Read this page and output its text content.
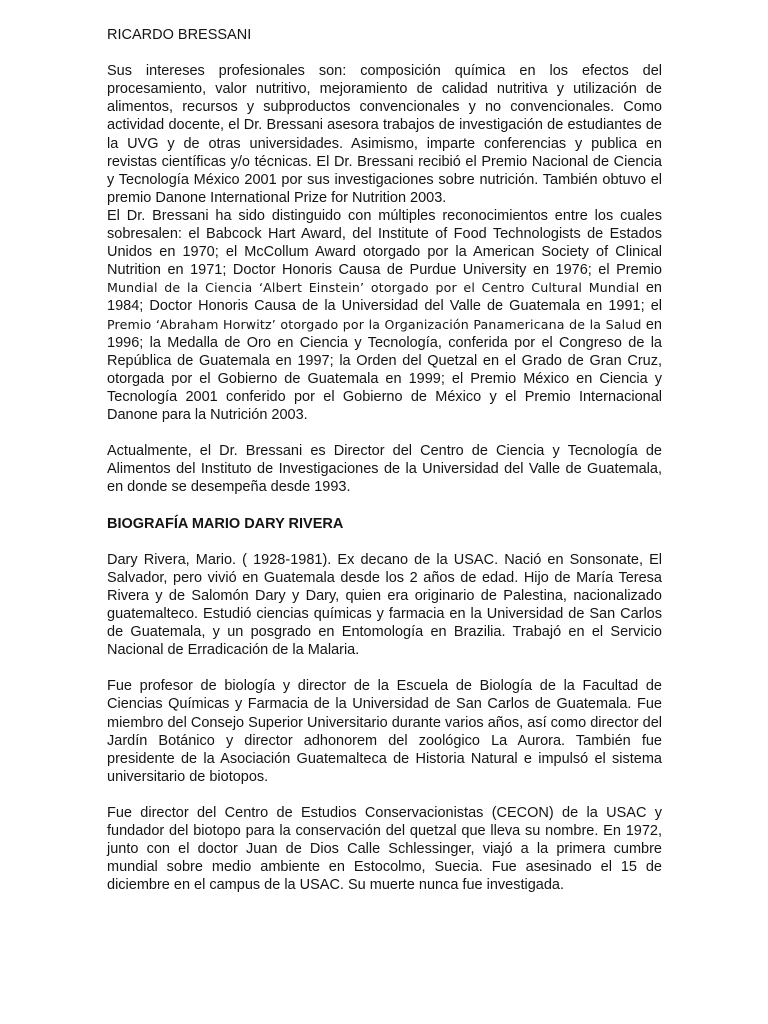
RICARDO BRESSANI

Sus intereses profesionales son: composición química en los efectos del procesamiento, valor nutritivo, mejoramiento de calidad nutritiva y utilización de alimentos, recursos y subproductos convencionales y no convencionales. Como actividad docente, el Dr. Bressani asesora trabajos de investigación de estudiantes de la UVG y de otras universidades. Asimismo, imparte conferencias y publica en revistas científicas y/o técnicas. El Dr. Bressani recibió el Premio Nacional de Ciencia y Tecnología México 2001 por sus investigaciones sobre nutrición. También obtuvo el premio Danone International Prize for Nutrition 2003.

El Dr. Bressani ha sido distinguido con múltiples reconocimientos entre los cuales sobresalen: el Babcock Hart Award, del Institute of Food Technologists de Estados Unidos en 1970; el McCollum Award otorgado por la American Society of Clinical Nutrition en 1971; Doctor Honoris Causa de Purdue University en 1976; el Premio Mundial de la Ciencia ‘Albert Einstein’ otorgado por el Centro Cultural Mundial en 1984; Doctor Honoris Causa de la Universidad del Valle de Guatemala en 1991; el Premio ‘Abraham Horwitz’ otorgado por la Organización Panamericana de la Salud en 1996; la Medalla de Oro en Ciencia y Tecnología, conferida por el Congreso de la República de Guatemala en 1997; la Orden del Quetzal en el Grado de Gran Cruz, otorgada por el Gobierno de Guatemala en 1999; el Premio México en Ciencia y Tecnología 2001 conferido por el Gobierno de México y el Premio Internacional Danone para la Nutrición 2003.

Actualmente, el Dr. Bressani es Director del Centro de Ciencia y Tecnología de Alimentos del Instituto de Investigaciones de la Universidad del Valle de Guatemala, en donde se desempeña desde 1993.

BIOGRAFÍA MARIO DARY RIVERA

Dary Rivera, Mario. ( 1928-1981). Ex decano de la USAC. Nació en Sonsonate, El Salvador, pero vivió en Guatemala desde los 2 años de edad. Hijo de María Teresa Rivera y de Salomón Dary y Dary, quien era originario de Palestina, nacionalizado guatemalteco. Estudió ciencias químicas y farmacia en la Universidad de San Carlos de Guatemala, y un posgrado en Entomología en Brazilia. Trabajó en el Servicio Nacional de Erradicación de la Malaria.

Fue profesor de biología y director de la Escuela de Biología de la Facultad de Ciencias Químicas y Farmacia de la Universidad de San Carlos de Guatemala. Fue miembro del Consejo Superior Universitario durante varios años, así como director del Jardín Botánico y director adhonorem del zoológico La Aurora. También fue presidente de la Asociación Guatemalteca de Historia Natural e impulsó el sistema universitario de biotopos.

Fue director del Centro de Estudios Conservacionistas (CECON) de la USAC y fundador del biotopo para la conservación del quetzal que lleva su nombre. En 1972, junto con el doctor Juan de Dios Calle Schlessinger, viajó a la primera cumbre mundial sobre medio ambiente en Estocolmo, Suecia. Fue asesinado el 15 de diciembre en el campus de la USAC. Su muerte nunca fue investigada.
